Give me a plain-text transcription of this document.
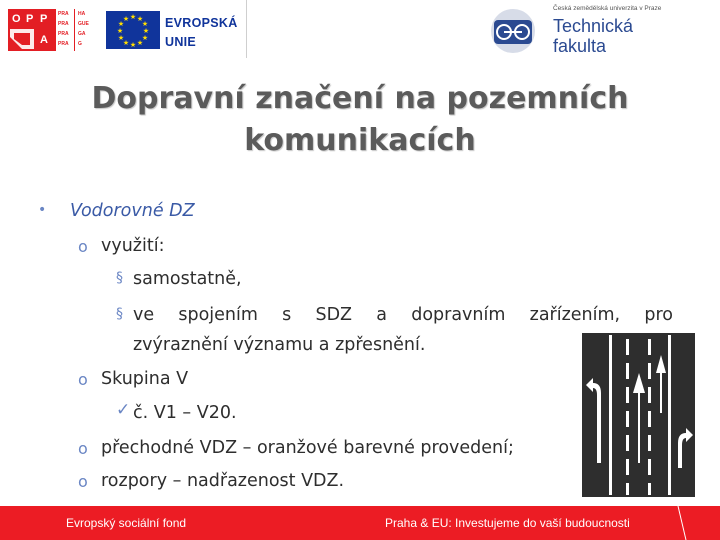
O P P
A
PRA HA
PRA GUE
PRA GA
PRA G
★ ★
★
★
★
★
★
★
★
★
★
★	EVROPSKÁ
UNIE
Česká zemědělská univerzita v Praze
Technická
fakulta
Dopravní značení na pozemních
komunikacích
• Vodorovné DZ
o využití:
§ samostatně,
§ ve spojením s SDZ a dopravním zařízením, pro
zvýraznění významu a zpřesnění.
o Skupina V
✓ č. V1 – V20.
o přechodné VDZ – oranžové barevné provedení;
o rozpory – nadřazenost VDZ.
Evropský sociální fond	Praha & EU: Investujeme do vaší budoucnosti
